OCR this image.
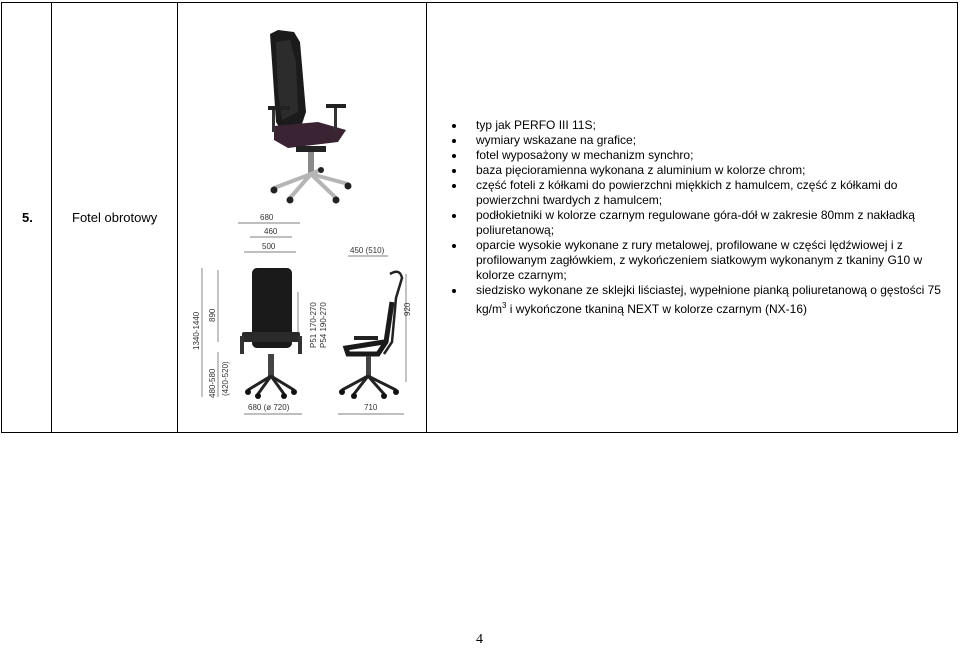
5.	Fotel obrotowy	680
460
500	450 (510)
1340-1440 890
480-580 (420-520)
P51 170-270 P54 190-270	920
680 (ø 720)	710
typ jak PERFO III 11S;
wymiary wskazane na grafice;
fotel wyposażony w mechanizm synchro;
baza pięcioramienna wykonana z aluminium w kolorze chrom;
część foteli z kółkami do powierzchni miękkich z hamulcem, część z kółkami do powierzchni twardych z hamulcem;
podłokietniki w kolorze czarnym regulowane góra-dół w zakresie 80mm z nakładką poliuretanową;
oparcie wysokie wykonane z rury metalowej, profilowane w części lędźwiowej i z profilowanym zagłówkiem, z wykończeniem siatkowym wykonanym z tkaniny G10 w kolorze czarnym;
siedzisko wykonane ze sklejki liściastej, wypełnione pianką poliuretanową o gęstości 75 $kg/m^3$ i wykończone tkaniną NEXT w kolorze czarnym (NX-16)
4
